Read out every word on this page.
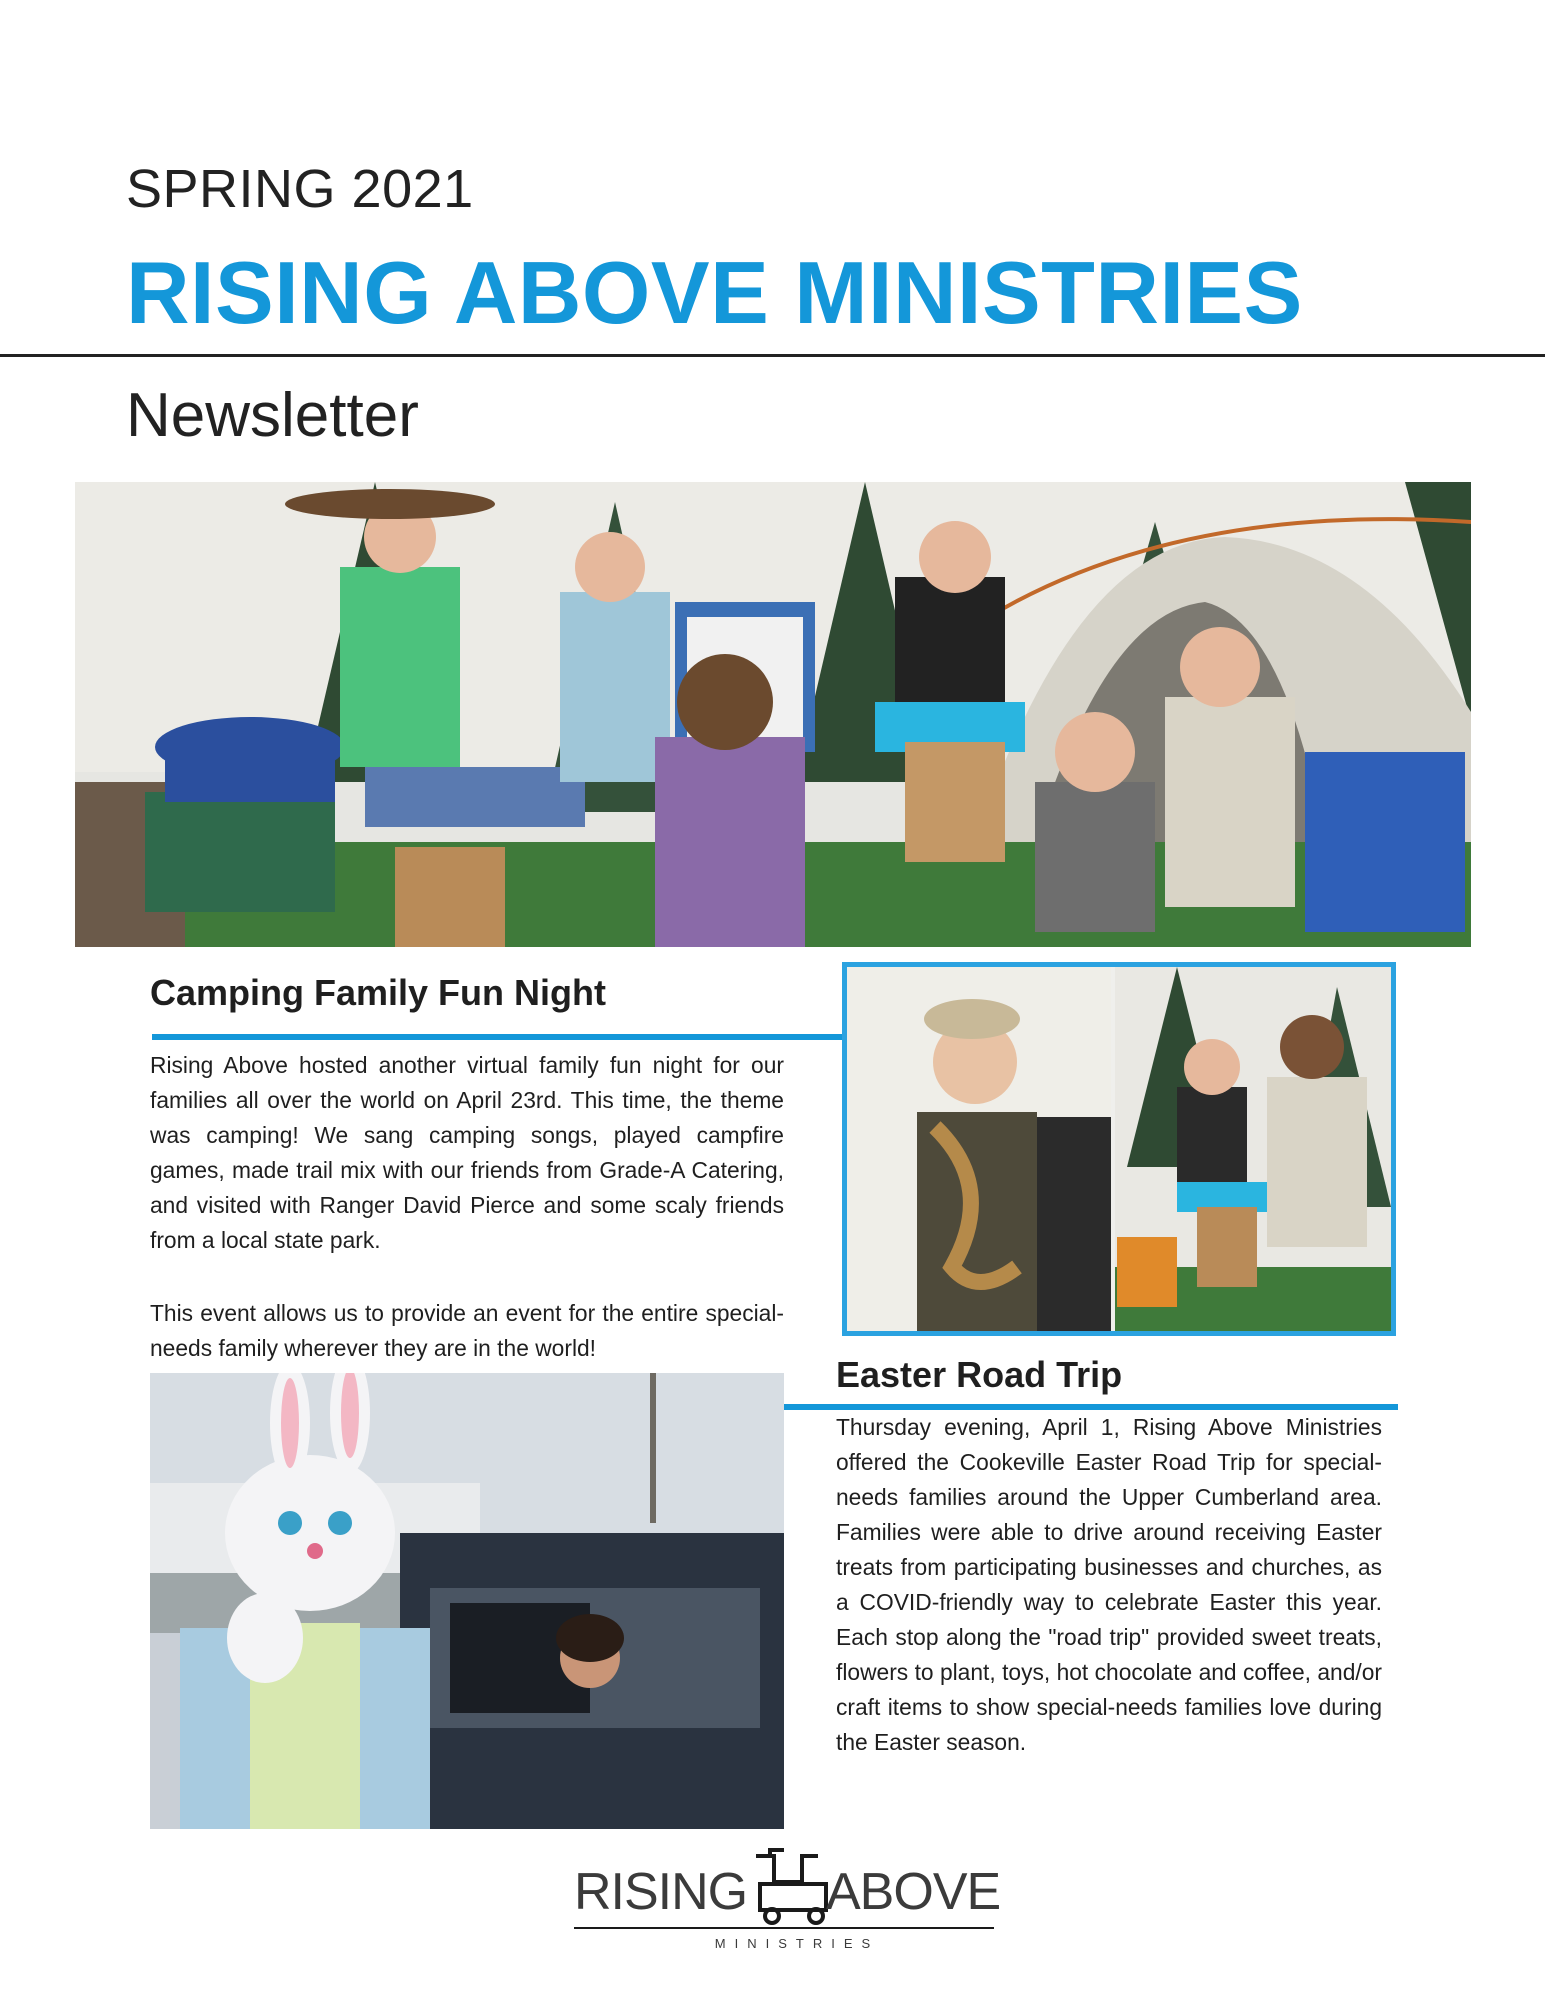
SPRING 2021
RISING ABOVE MINISTRIES
Newsletter
Camping Family Fun Night
Rising Above hosted another virtual family fun night for our families all over the world on April 23rd. This time, the theme was camping! We sang camping songs, played campfire games, made trail mix with our friends from Grade-A Catering, and visited with Ranger David Pierce and some scaly friends from a local state park.
This event allows us to provide an event for the entire special-needs family wherever they are in the world!
Easter Road Trip
Thursday evening, April 1, Rising Above Ministries offered the Cookeville Easter Road Trip for special-needs families around the Upper Cumberland area. Families were able to drive around receiving Easter treats from participating businesses and churches, as a COVID-friendly way to celebrate Easter this year. Each stop along the "road trip" provided sweet treats, flowers to plant, toys, hot chocolate and coffee, and/or craft items to show special-needs families love during the Easter season.
RISING ABOVE
MINISTRIES
